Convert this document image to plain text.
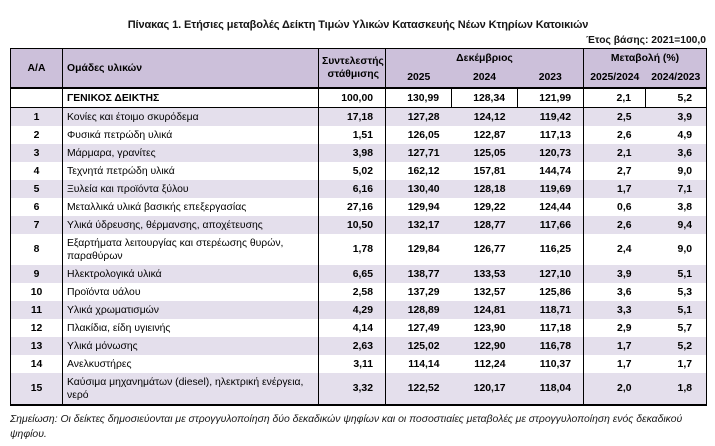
Πίνακας 1. Ετήσιες μεταβολές Δείκτη Τιμών Υλικών Κατασκευής Νέων Κτηρίων Κατοικιών
Έτος βάσης: 2021=100,0
Α/Α	Ομάδες υλικών	Συντελεστής στάθμισης	Δεκέμβριος			Μεταβολή (%)	
			2025	2024	2023	2025/2024	2024/2023
	ΓΕΝΙΚΟΣ ΔΕΙΚΤΗΣ	100,00	130,99	128,34	121,99	2,1	5,2
1	Κονίες και έτοιμο σκυρόδεμα	17,18	127,28	124,12	119,42	2,5	3,9
2	Φυσικά πετρώδη υλικά	1,51	126,05	122,87	117,13	2,6	4,9
3	Μάρμαρα, γρανίτες	3,98	127,71	125,05	120,73	2,1	3,6
4	Τεχνητά πετρώδη υλικά	5,02	162,12	157,81	144,74	2,7	9,0
5	Ξυλεία και προϊόντα ξύλου	6,16	130,40	128,18	119,69	1,7	7,1
6	Μεταλλικά υλικά βασικής επεξεργασίας	27,16	129,94	129,22	124,44	0,6	3,8
7	Υλικά ύδρευσης, θέρμανσης, αποχέτευσης	10,50	132,17	128,77	117,66	2,6	9,4
8	Εξαρτήματα λειτουργίας και στερέωσης θυρών, παραθύρων	1,78	129,84	126,77	116,25	2,4	9,0
9	Ηλεκτρολογικά υλικά	6,65	138,77	133,53	127,10	3,9	5,1
10	Προϊόντα υάλου	2,58	137,29	132,57	125,86	3,6	5,3
11	Υλικά χρωματισμών	4,29	128,89	124,81	118,71	3,3	5,1
12	Πλακίδια, είδη υγιεινής	4,14	127,49	123,90	117,18	2,9	5,7
13	Υλικά μόνωσης	2,63	125,02	122,90	116,78	1,7	5,2
14	Ανελκυστήρες	3,11	114,14	112,24	110,37	1,7	1,7
15	Καύσιμα μηχανημάτων (diesel), ηλεκτρική ενέργεια, νερό	3,32	122,52	120,17	118,04	2,0	1,8
Σημείωση: Οι δείκτες δημοσιεύονται με στρογγυλοποίηση δύο δεκαδικών ψηφίων και οι ποσοστιαίες μεταβολές με στρογγυλοποίηση ενός δεκαδικού ψηφίου.
